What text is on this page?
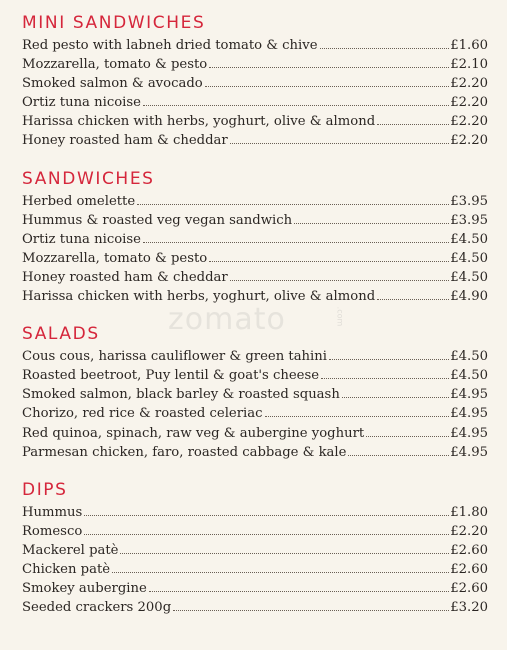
zomato	.com
MINI SANDWICHES
Red pesto with labneh dried tomato & chive	£1.60
Mozzarella, tomato & pesto	£2.10
Smoked salmon & avocado	£2.20
Ortiz tuna nicoise	£2.20
Harissa chicken with herbs, yoghurt, olive & almond	£2.20
Honey roasted ham & cheddar	£2.20
SANDWICHES
Herbed omelette	£3.95
Hummus & roasted veg vegan sandwich	£3.95
Ortiz tuna nicoise	£4.50
Mozzarella, tomato & pesto	£4.50
Honey roasted ham & cheddar	£4.50
Harissa chicken with herbs, yoghurt, olive & almond	£4.90
SALADS
Cous cous, harissa cauliflower & green tahini	£4.50
Roasted beetroot, Puy lentil & goat's cheese	£4.50
Smoked salmon, black barley & roasted squash	£4.95
Chorizo, red rice & roasted celeriac	£4.95
Red quinoa, spinach, raw veg & aubergine yoghurt	£4.95
Parmesan chicken, faro, roasted cabbage & kale	£4.95
DIPS
Hummus	£1.80
Romesco	£2.20
Mackerel patè	£2.60
Chicken patè	£2.60
Smokey aubergine	£2.60
Seeded crackers 200g	£3.20
